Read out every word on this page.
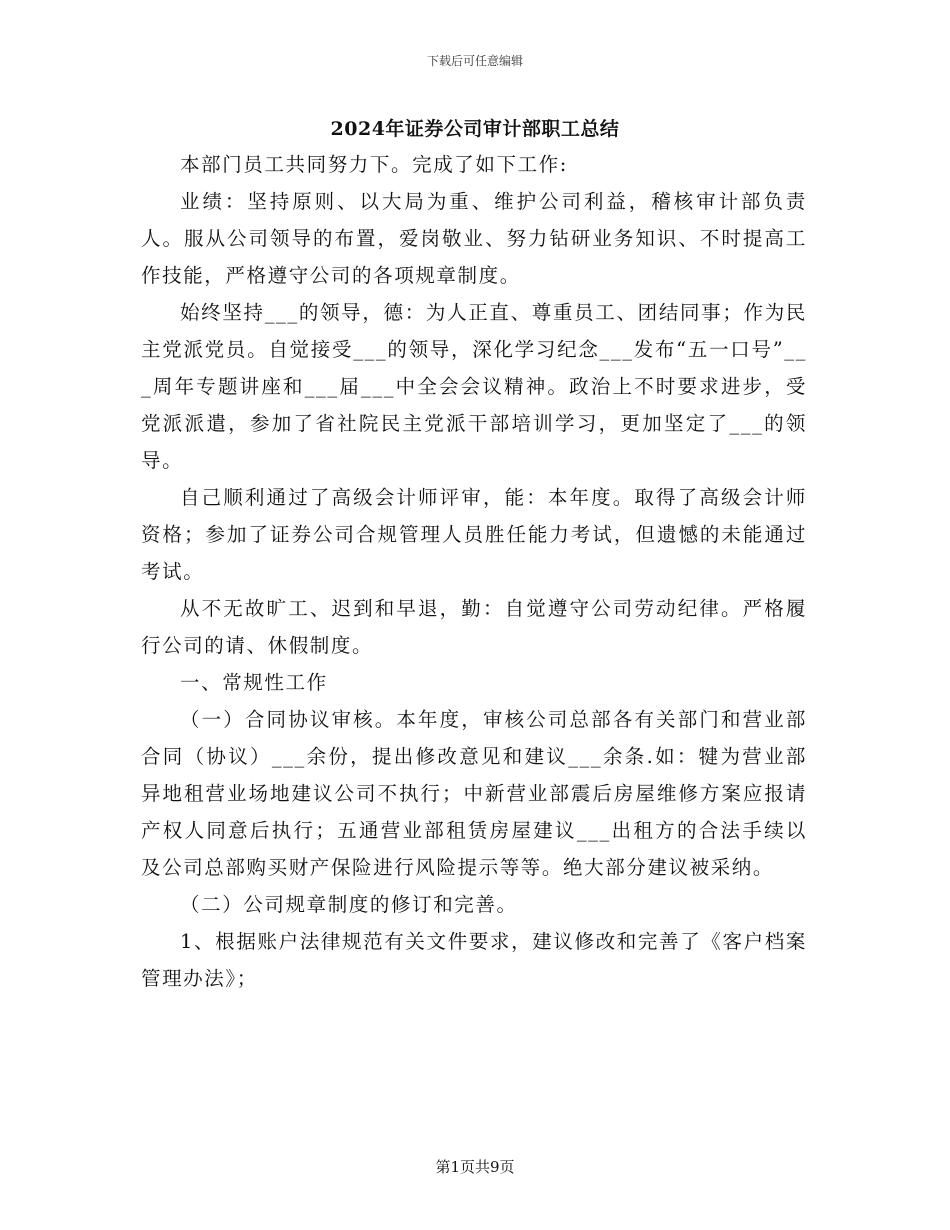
下载后可任意编辑
2024年证券公司审计部职工总结

本部门员工共同努力下。完成了如下工作:

业绩：坚持原则、以大局为重、维护公司利益，稽核审计部负责人。服从公司领导的布置，爱岗敬业、努力钻研业务知识、不时提高工作技能，严格遵守公司的各项规章制度。

始终坚持___的领导，德：为人正直、尊重员工、团结同事；作为民主党派党员。自觉接受___的领导，深化学习纪念___发布“五一口号”___周年专题讲座和___届___中全会会议精神。政治上不时要求进步，受党派派遣，参加了省社院民主党派干部培训学习，更加坚定了___的领导。

自己顺利通过了高级会计师评审，能：本年度。取得了高级会计师资格；参加了证券公司合规管理人员胜任能力考试，但遗憾的未能通过考试。

从不无故旷工、迟到和早退，勤：自觉遵守公司劳动纪律。严格履行公司的请、休假制度。

一、常规性工作

（一）合同协议审核。本年度，审核公司总部各有关部门和营业部合同（协议）___余份，提出修改意见和建议___余条.如：犍为营业部异地租营业场地建议公司不执行；中新营业部震后房屋维修方案应报请产权人同意后执行；五通营业部租赁房屋建议___出租方的合法手续以及公司总部购买财产保险进行风险提示等等。绝大部分建议被采纳。

（二）公司规章制度的修订和完善。

1、根据账户法律规范有关文件要求，建议修改和完善了《客户档案管理办法》；

第1页共9页
